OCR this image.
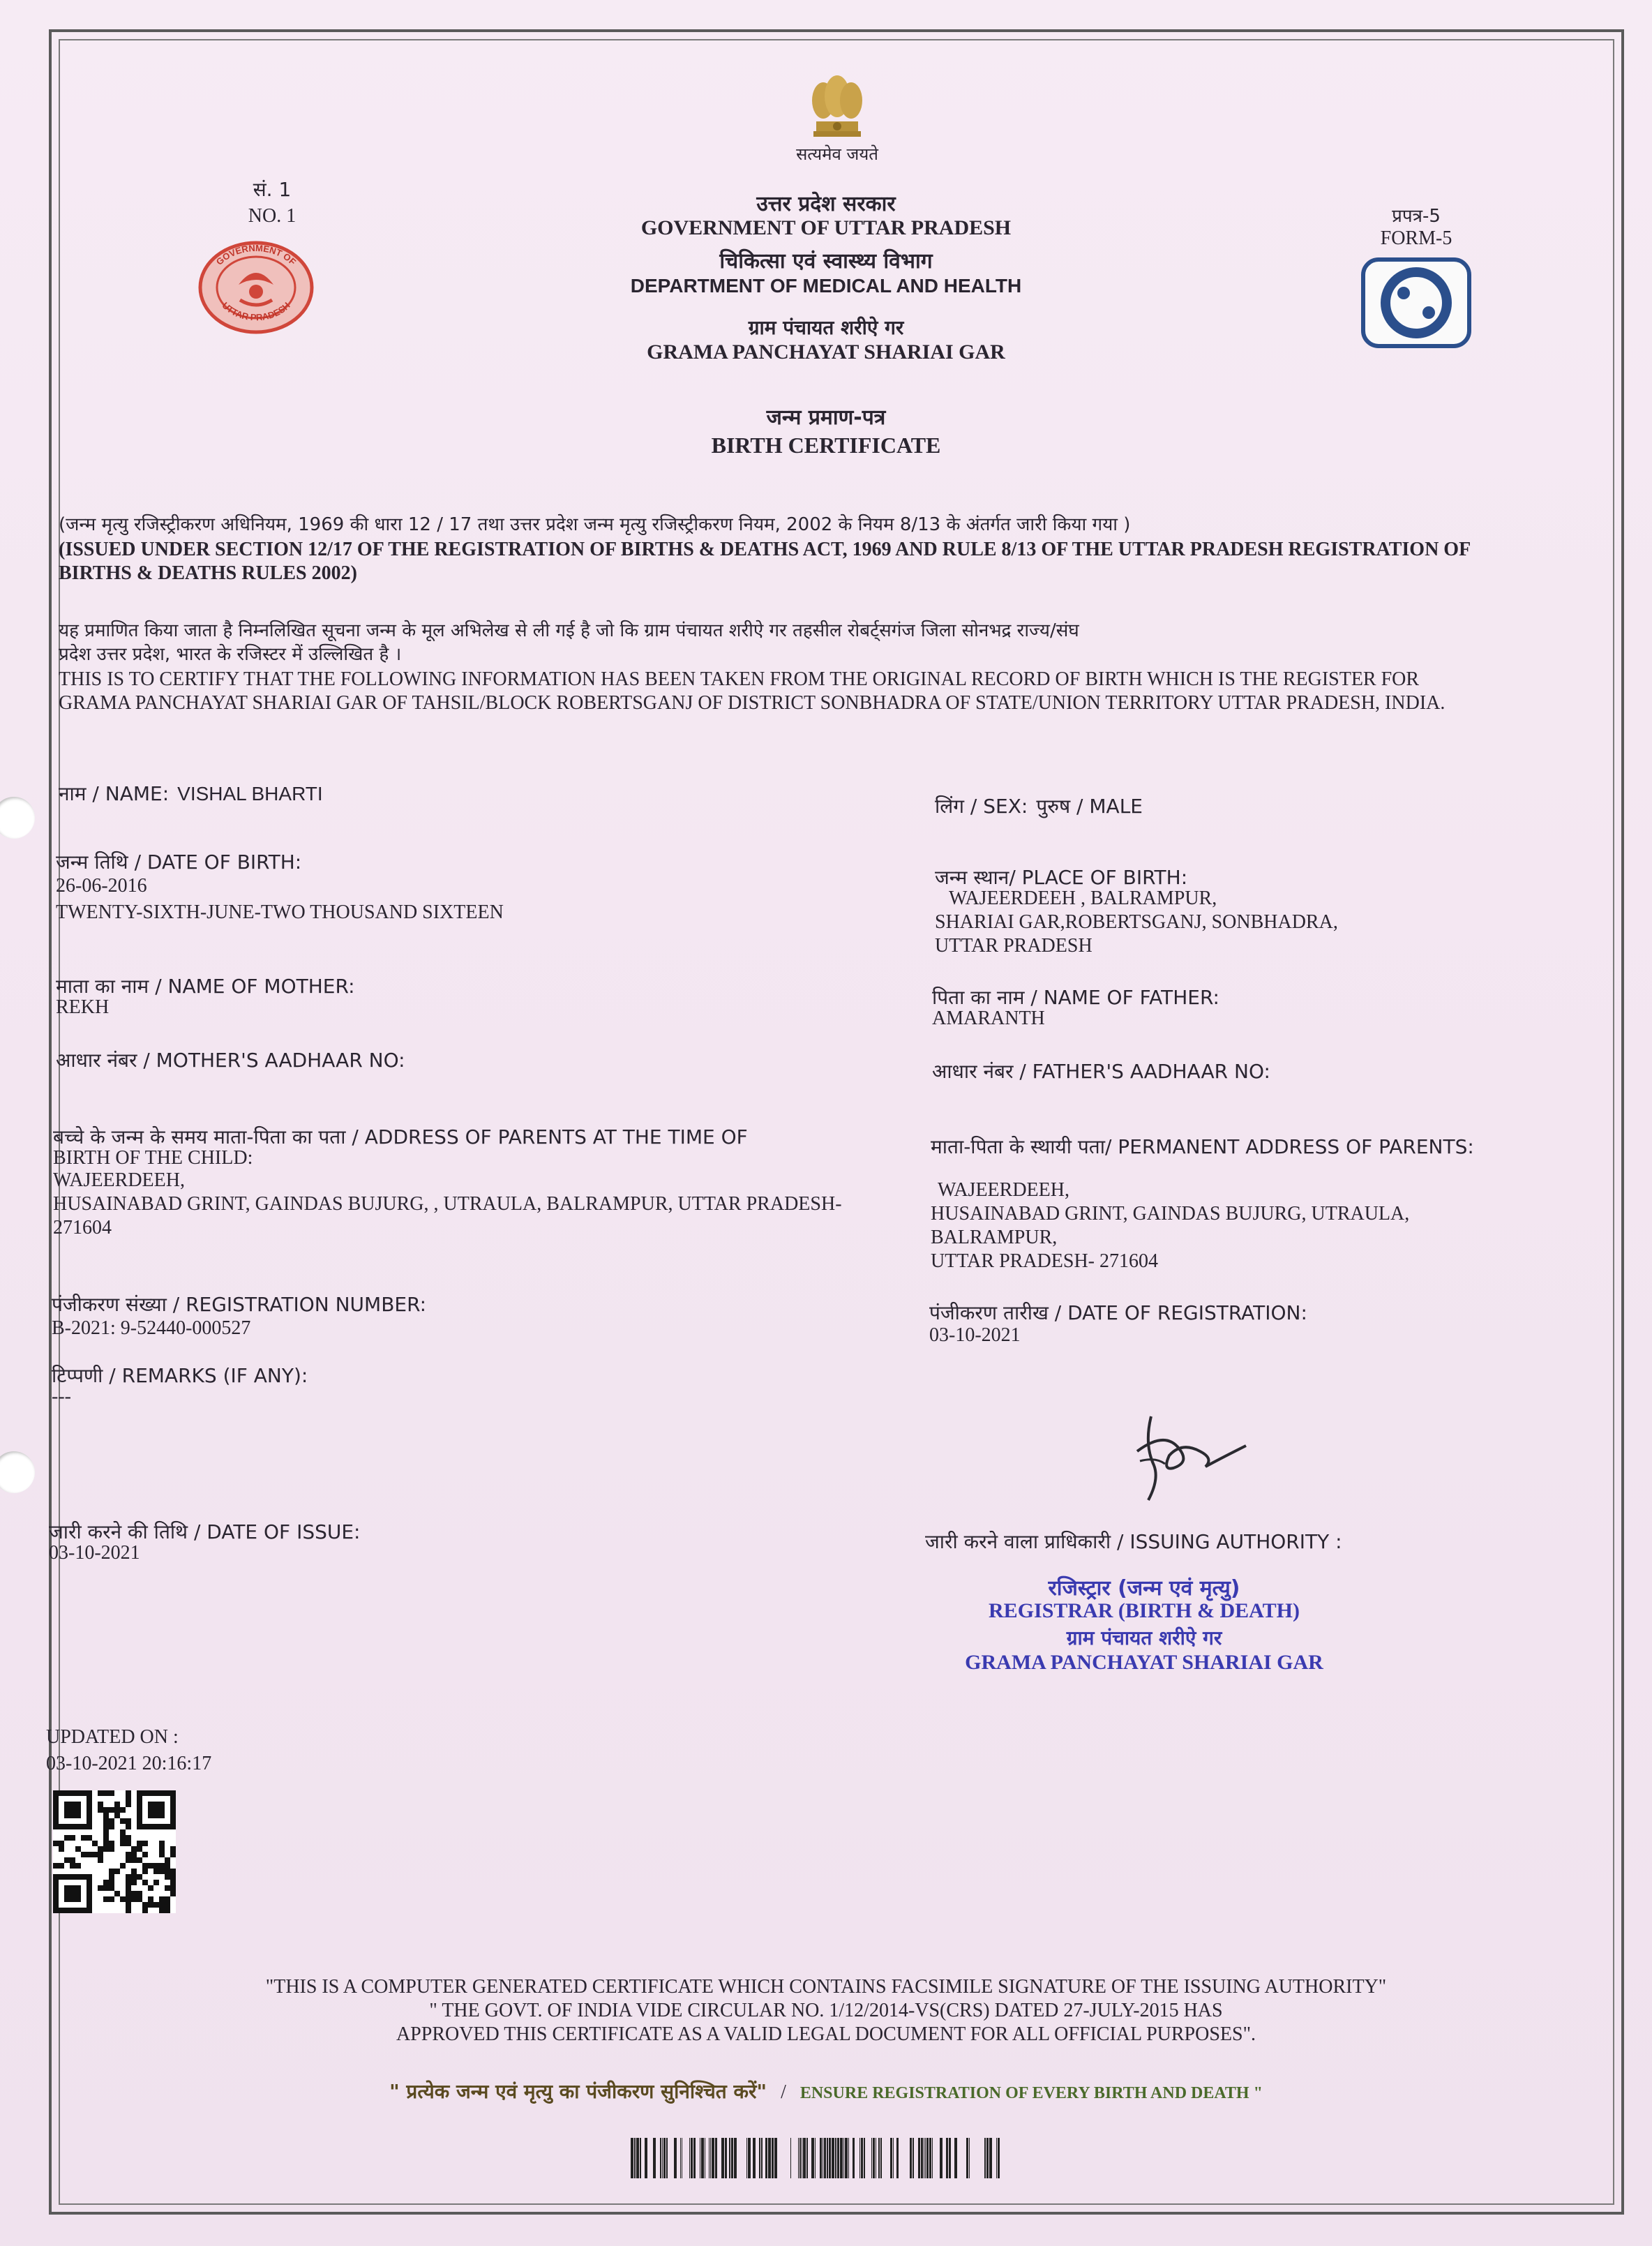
सत्यमेव जयते
सं. 1
NO. 1
GOVERNMENT OF
UTTAR PRADESH
उत्तर प्रदेश सरकार
GOVERNMENT OF UTTAR PRADESH
चिकित्सा एवं स्वास्थ्य विभाग
DEPARTMENT OF MEDICAL AND HEALTH
ग्राम पंचायत शरीऐ गर
GRAMA PANCHAYAT SHARIAI GAR
जन्म प्रमाण-पत्र
BIRTH CERTIFICATE
प्रपत्र-5
FORM-5
(जन्म मृत्यु रजिस्ट्रीकरण अधिनियम, 1969 की धारा 12 / 17 तथा उत्तर प्रदेश जन्म मृत्यु रजिस्ट्रीकरण नियम, 2002 के नियम 8/13 के अंतर्गत जारी किया गया )
(ISSUED UNDER SECTION 12/17 OF THE REGISTRATION OF BIRTHS & DEATHS ACT, 1969 AND RULE 8/13 OF THE UTTAR PRADESH REGISTRATION OF
BIRTHS & DEATHS RULES 2002)
यह प्रमाणित किया जाता है निम्नलिखित सूचना जन्म के मूल अभिलेख से ली गई है जो कि ग्राम पंचायत शरीऐ गर तहसील रोबर्ट्सगंज जिला सोनभद्र राज्य/संघ
प्रदेश उत्तर प्रदेश, भारत के रजिस्टर में उल्लिखित है ।
THIS IS TO CERTIFY THAT THE FOLLOWING INFORMATION HAS BEEN TAKEN FROM THE ORIGINAL RECORD OF BIRTH WHICH IS THE REGISTER FOR
GRAMA PANCHAYAT SHARIAI GAR OF TAHSIL/BLOCK ROBERTSGANJ OF DISTRICT SONBHADRA OF STATE/UNION TERRITORY UTTAR PRADESH, INDIA.
नाम / NAME: VISHAL BHARTI
जन्म तिथि / DATE OF BIRTH:
26-06-2016
TWENTY-SIXTH-JUNE-TWO THOUSAND SIXTEEN
माता का नाम / NAME OF MOTHER:
REKH
आधार नंबर / MOTHER'S AADHAAR NO:
बच्चे के जन्म के समय माता-पिता का पता / ADDRESS OF PARENTS AT THE TIME OF
BIRTH OF THE CHILD:
WAJEERDEEH,
HUSAINABAD GRINT, GAINDAS BUJURG, , UTRAULA, BALRAMPUR, UTTAR PRADESH-
271604
पंजीकरण संख्या / REGISTRATION NUMBER:
B-2021: 9-52440-000527
टिप्पणी / REMARKS (IF ANY):
---
जारी करने की तिथि / DATE OF ISSUE:
03-10-2021
लिंग / SEX: पुरुष / MALE
जन्म स्थान/ PLACE OF BIRTH:
WAJEERDEEH , BALRAMPUR,
SHARIAI GAR,ROBERTSGANJ, SONBHADRA,
UTTAR PRADESH
पिता का नाम / NAME OF FATHER:
AMARANTH
आधार नंबर / FATHER'S AADHAAR NO:
माता-पिता के स्थायी पता/ PERMANENT ADDRESS OF PARENTS:
WAJEERDEEH,
HUSAINABAD GRINT, GAINDAS BUJURG, UTRAULA,
BALRAMPUR,
UTTAR PRADESH- 271604
पंजीकरण तारीख / DATE OF REGISTRATION:
03-10-2021
जारी करने वाला प्राधिकारी / ISSUING AUTHORITY :
रजिस्ट्रार (जन्म एवं मृत्यु)
REGISTRAR (BIRTH & DEATH)
ग्राम पंचायत शरीऐ गर
GRAMA PANCHAYAT SHARIAI GAR
UPDATED ON :
03-10-2021 20:16:17
"THIS IS A COMPUTER GENERATED CERTIFICATE WHICH CONTAINS FACSIMILE SIGNATURE OF THE ISSUING AUTHORITY"
" THE GOVT. OF INDIA VIDE CIRCULAR NO. 1/12/2014-VS(CRS) DATED 27-JULY-2015 HAS
APPROVED THIS CERTIFICATE AS A VALID LEGAL DOCUMENT FOR ALL OFFICIAL PURPOSES".
" प्रत्येक जन्म एवं मृत्यु का पंजीकरण सुनिश्चित करें" / ENSURE REGISTRATION OF EVERY BIRTH AND DEATH "
